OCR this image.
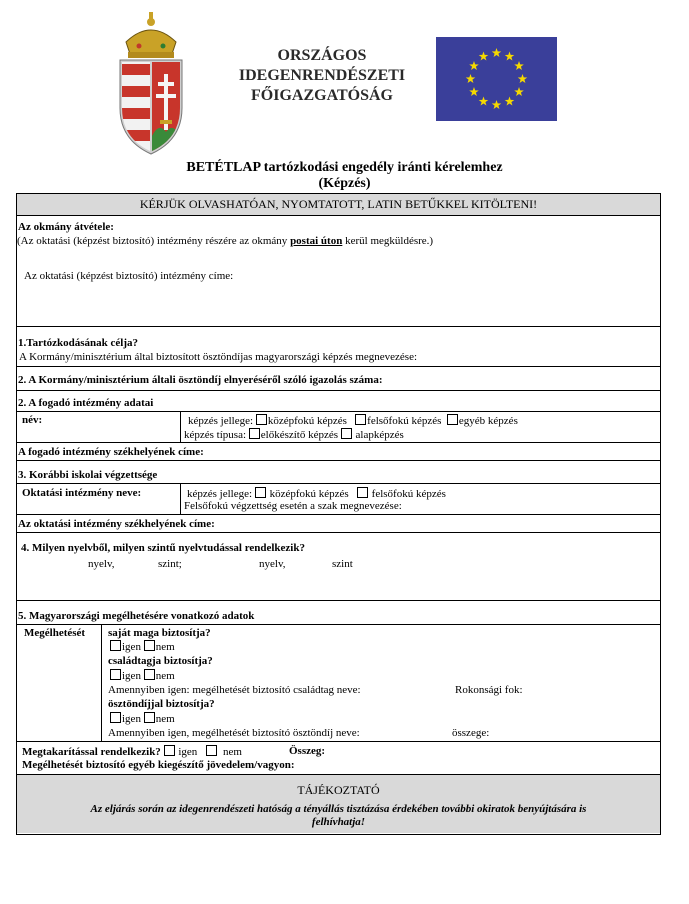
ORSZÁGOS
IDEGENRENDÉSZETI
FŐIGAZGATÓSÁG
BETÉTLAP tartózkodási engedély iránti kérelemhez
(Képzés)
KÉRJÜK OLVASHATÓAN, NYOMTATOTT, LATIN BETŰKKEL KITÖLTENI!
Az okmány átvétele:
(Az oktatási (képzést biztosító) intézmény részére az okmány postai úton kerül megküldésre.)
Az oktatási (képzést biztosító) intézmény címe:
1.Tartózkodásának célja?
A Kormány/minisztérium által biztosított ösztöndíjas magyarországi képzés megnevezése:
2. A Kormány/minisztérium általi ösztöndíj elnyeréséről szóló igazolás száma:
2. A fogadó intézmény adatai
név:	képzés jellege: középfokú képzés felsőfokú képzés egyéb képzés
képzés típusa: előkészítő képzés alapképzés
A fogadó intézmény székhelyének címe:
3. Korábbi iskolai végzettsége
Oktatási intézmény neve:	képzés jellege: középfokú képzés felsőfokú képzés
Felsőfokú végzettség esetén a szak megnevezése:
Az oktatási intézmény székhelyének címe:
4. Milyen nyelvből, milyen szintű nyelvtudással rendelkezik?
nyelv,	szint;	nyelv,	szint
5. Magyarországi megélhetésére vonatkozó adatok
Megélhetését saját maga biztosítja?
igen nem
családtagja biztosítja?
igen nem
Amennyiben igen: megélhetését biztosító családtag neve:	Rokonsági fok:
ösztöndíjjal biztosítja?
igen nem
Amennyiben igen, megélhetését biztosító ösztöndíj neve:	összege:
Megtakarítással rendelkezik? igen nem	Összeg:
Megélhetését biztosító egyéb kiegészítő jövedelem/vagyon:
TÁJÉKOZTATÓ
Az eljárás során az idegenrendészeti hatóság a tényállás tisztázása érdekében további okiratok benyújtására is
felhívhatja!
